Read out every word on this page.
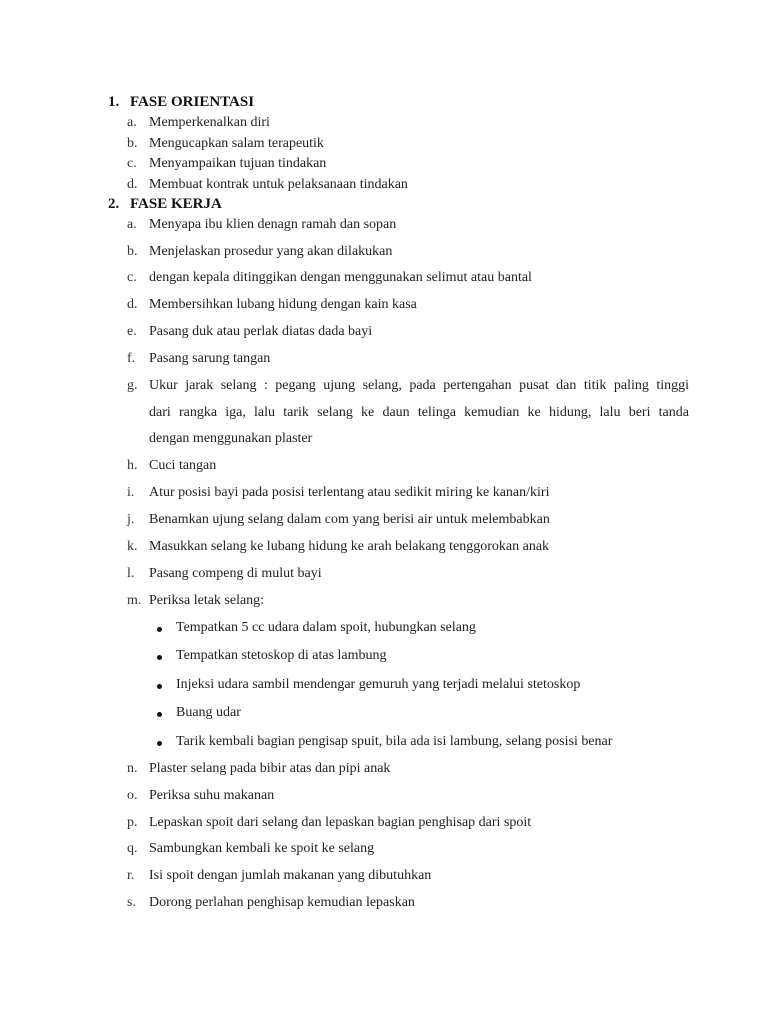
1. FASE ORIENTASI
a. Memperkenalkan diri
b. Mengucapkan salam terapeutik
c. Menyampaikan tujuan tindakan
d. Membuat kontrak untuk pelaksanaan tindakan
2. FASE KERJA
a. Menyapa ibu klien denagn ramah dan sopan
b. Menjelaskan prosedur yang akan dilakukan
c. dengan kepala ditinggikan dengan menggunakan selimut atau bantal
d. Membersihkan lubang hidung dengan kain kasa
e. Pasang duk atau perlak diatas dada bayi
f. Pasang sarung tangan
g. Ukur jarak selang : pegang ujung selang, pada pertengahan pusat dan titik paling tinggi
dari rangka iga, lalu tarik selang ke daun telinga kemudian ke hidung, lalu beri tanda
dengan menggunakan plaster
h. Cuci tangan
i. Atur posisi bayi pada posisi terlentang atau sedikit miring ke kanan/kiri
j. Benamkan ujung selang dalam com yang berisi air untuk melembabkan
k. Masukkan selang ke lubang hidung ke arah belakang tenggorokan anak
l. Pasang compeng di mulut bayi
m. Periksa letak selang:
Tempatkan 5 cc udara dalam spoit, hubungkan selang
Tempatkan stetoskop di atas lambung
Injeksi udara sambil mendengar gemuruh yang terjadi melalui stetoskop
Buang udar
Tarik kembali bagian pengisap spuit, bila ada isi lambung, selang posisi benar
n. Plaster selang pada bibir atas dan pipi anak
o. Periksa suhu makanan
p. Lepaskan spoit dari selang dan lepaskan bagian penghisap dari spoit
q. Sambungkan kembali ke spoit ke selang
r. Isi spoit dengan jumlah makanan yang dibutuhkan
s. Dorong perlahan penghisap kemudian lepaskan
